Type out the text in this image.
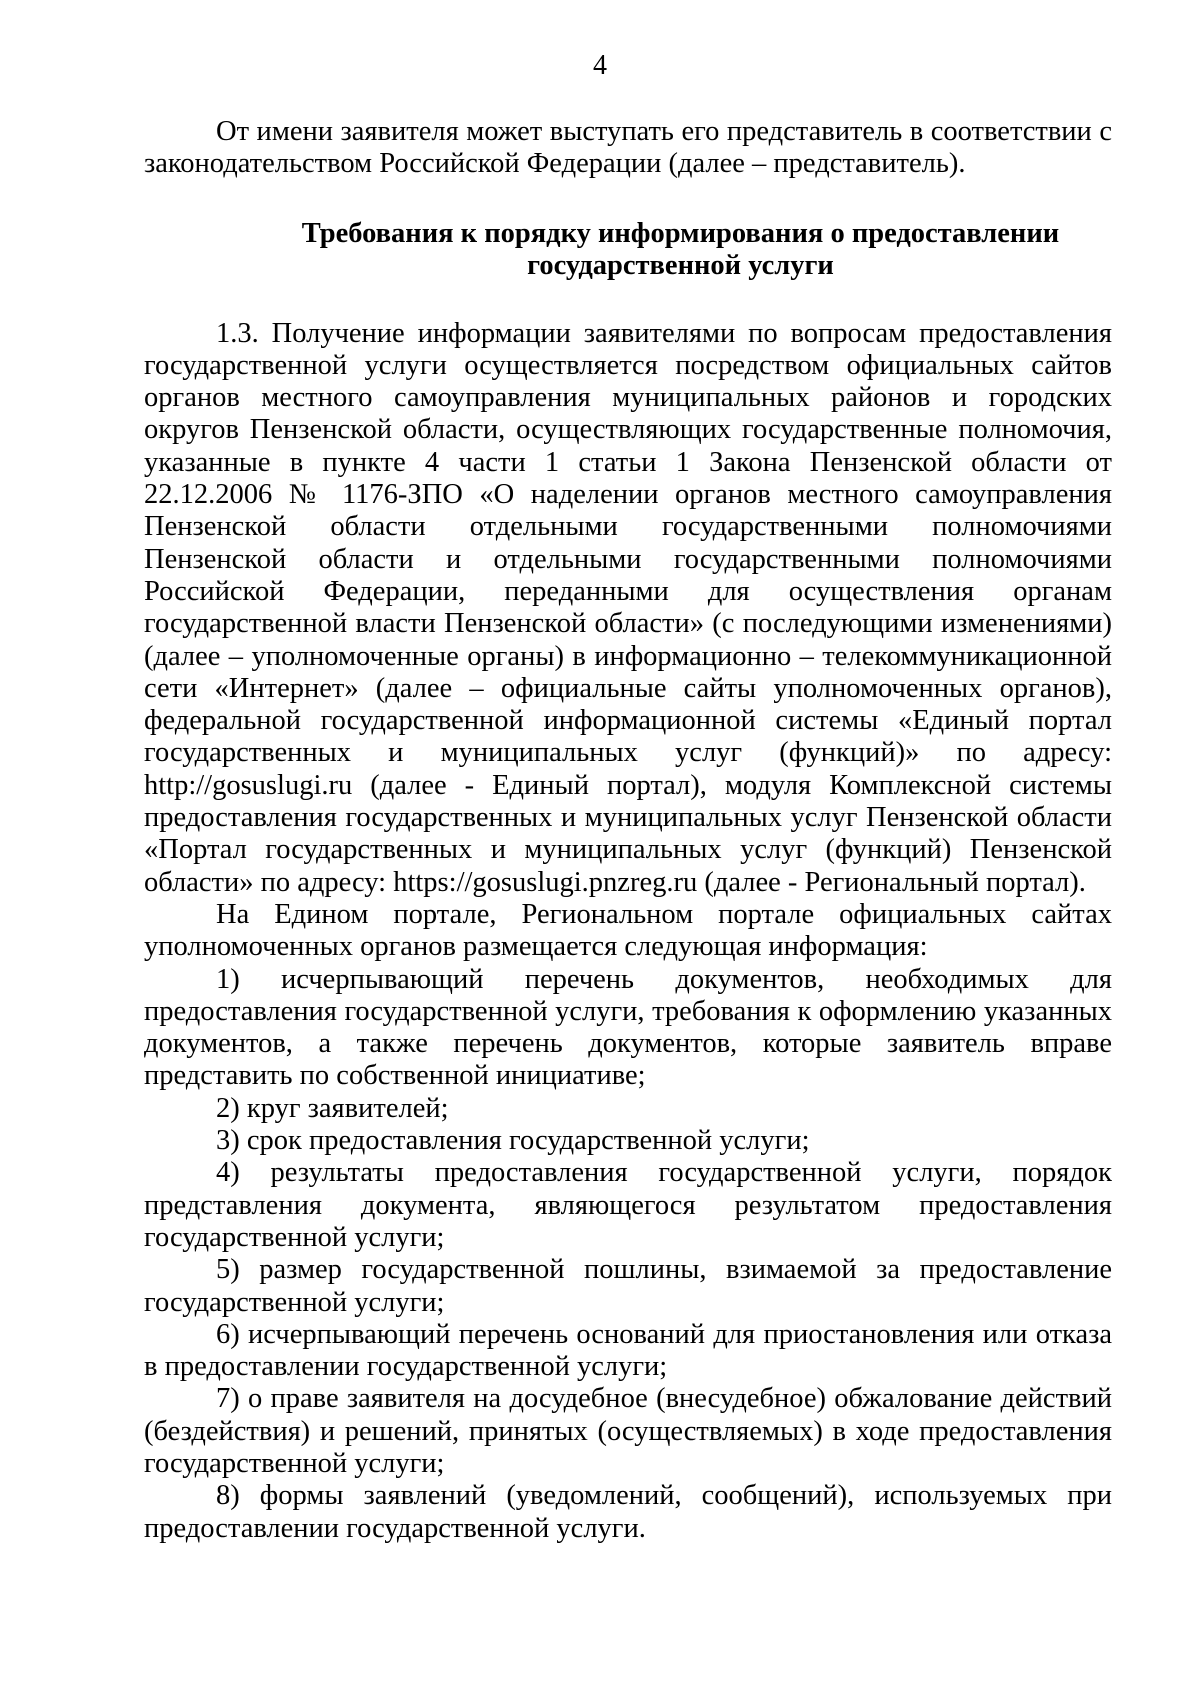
4

От имени заявителя может выступать его представитель в соответствии с законодательством Российской Федерации (далее – представитель).

Требования к порядку информирования о предоставлении
государственной услуги

1.3. Получение информации заявителями по вопросам предоставления государственной услуги осуществляется посредством официальных сайтов органов местного самоуправления муниципальных районов и городских округов Пензенской области, осуществляющих государственные полномочия, указанные в пункте 4 части 1 статьи 1 Закона Пензенской области от 22.12.2006 № 1176-ЗПО «О наделении органов местного самоуправления Пензенской области отдельными государственными полномочиями Пензенской области и отдельными государственными полномочиями Российской Федерации, переданными для осуществления органам государственной власти Пензенской области» (с последующими изменениями) (далее – уполномоченные органы) в информационно – телекоммуникационной сети «Интернет» (далее – официальные сайты уполномоченных органов), федеральной государственной информационной системы «Единый портал государственных и муниципальных услуг (функций)» по адресу: http://gosuslugi.ru (далее - Единый портал), модуля Комплексной системы предоставления государственных и муниципальных услуг Пензенской области «Портал государственных и муниципальных услуг (функций) Пензенской области» по адресу: https://gosuslugi.pnzreg.ru (далее - Региональный портал).

На Едином портале, Региональном портале официальных сайтах уполномоченных органов размещается следующая информация:

1) исчерпывающий перечень документов, необходимых для предоставления государственной услуги, требования к оформлению указанных документов, а также перечень документов, которые заявитель вправе представить по собственной инициативе;

2) круг заявителей;

3) срок предоставления государственной услуги;

4) результаты предоставления государственной услуги, порядок представления документа, являющегося результатом предоставления государственной услуги;

5) размер государственной пошлины, взимаемой за предоставление государственной услуги;

6) исчерпывающий перечень оснований для приостановления или отказа в предоставлении государственной услуги;

7) о праве заявителя на досудебное (внесудебное) обжалование действий (бездействия) и решений, принятых (осуществляемых) в ходе предоставления государственной услуги;

8) формы заявлений (уведомлений, сообщений), используемых при предоставлении государственной услуги.
